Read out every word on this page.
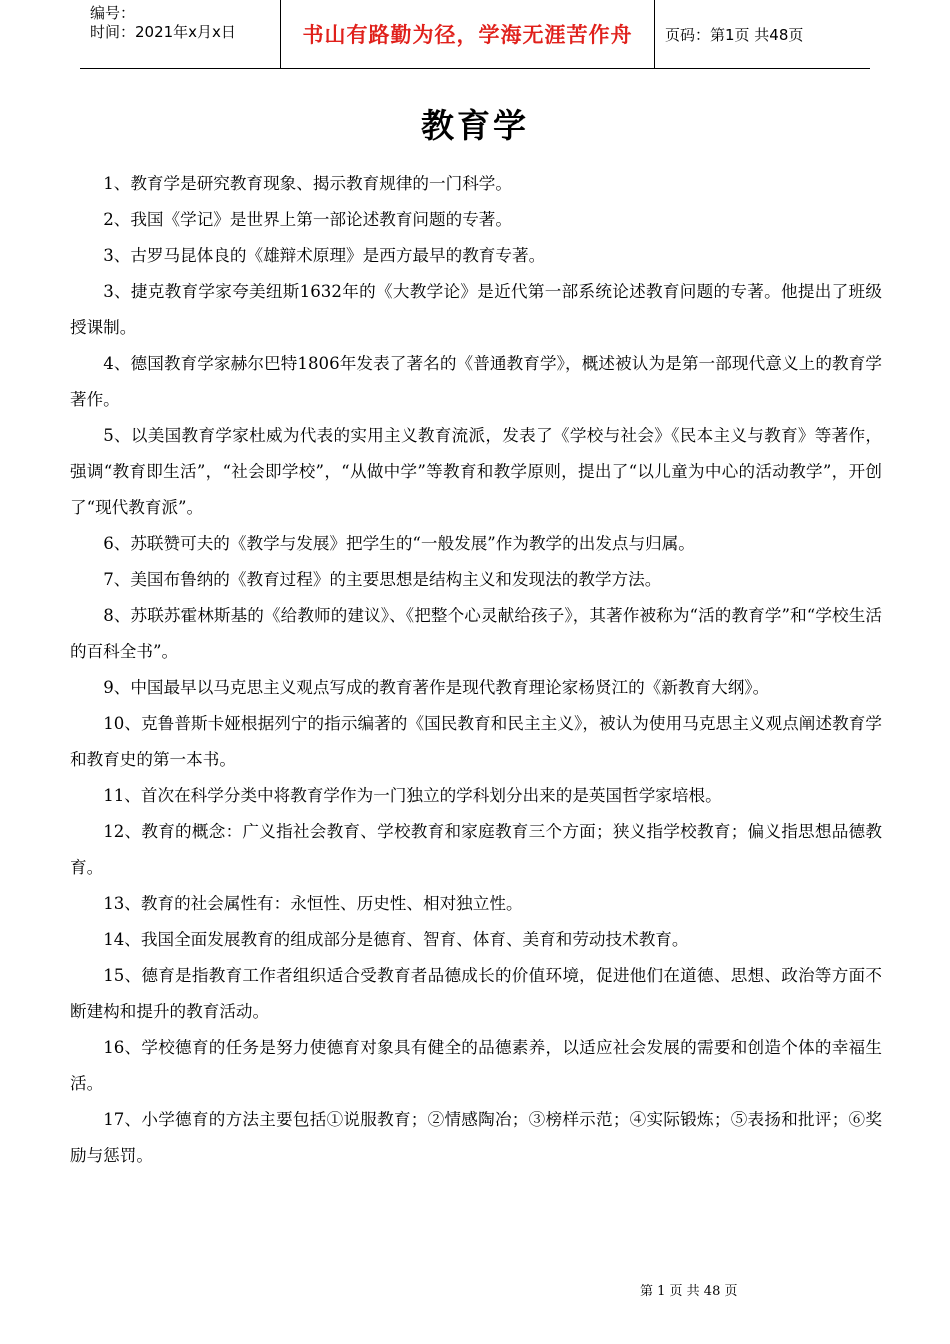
编号：
时间：2021年x月x日	书山有路勤为径，学海无涯苦作舟	页码：第1页 共48页
教育学

1、教育学是研究教育现象、揭示教育规律的一门科学。

2、我国《学记》是世界上第一部论述教育问题的专著。

3、古罗马昆体良的《雄辩术原理》是西方最早的教育专著。

3、捷克教育学家夸美纽斯1632年的《大教学论》是近代第一部系统论述教育问题的专著。他提出了班级授课制。

4、德国教育学家赫尔巴特1806年发表了著名的《普通教育学》，概述被认为是第一部现代意义上的教育学著作。

5、以美国教育学家杜威为代表的实用主义教育流派，发表了《学校与社会》《民本主义与教育》等著作，强调“教育即生活”，“社会即学校”，“从做中学”等教育和教学原则，提出了“以儿童为中心的活动教学”，开创了“现代教育派”。

6、苏联赞可夫的《教学与发展》把学生的“一般发展”作为教学的出发点与归属。

7、美国布鲁纳的《教育过程》的主要思想是结构主义和发现法的教学方法。

8、苏联苏霍林斯基的《给教师的建议》、《把整个心灵献给孩子》，其著作被称为“活的教育学”和“学校生活的百科全书”。

9、中国最早以马克思主义观点写成的教育著作是现代教育理论家杨贤江的《新教育大纲》。

10、克鲁普斯卡娅根据列宁的指示编著的《国民教育和民主主义》，被认为使用马克思主义观点阐述教育学和教育史的第一本书。

11、首次在科学分类中将教育学作为一门独立的学科划分出来的是英国哲学家培根。

12、教育的概念：广义指社会教育、学校教育和家庭教育三个方面；狭义指学校教育；偏义指思想品德教育。

13、教育的社会属性有：永恒性、历史性、相对独立性。

14、我国全面发展教育的组成部分是德育、智育、体育、美育和劳动技术教育。

15、德育是指教育工作者组织适合受教育者品德成长的价值环境，促进他们在道德、思想、政治等方面不断建构和提升的教育活动。

16、学校德育的任务是努力使德育对象具有健全的品德素养，以适应社会发展的需要和创造个体的幸福生活。

17、小学德育的方法主要包括①说服教育；②情感陶冶；③榜样示范；④实际锻炼；⑤表扬和批评；⑥奖励与惩罚。

第 1 页 共 48 页
